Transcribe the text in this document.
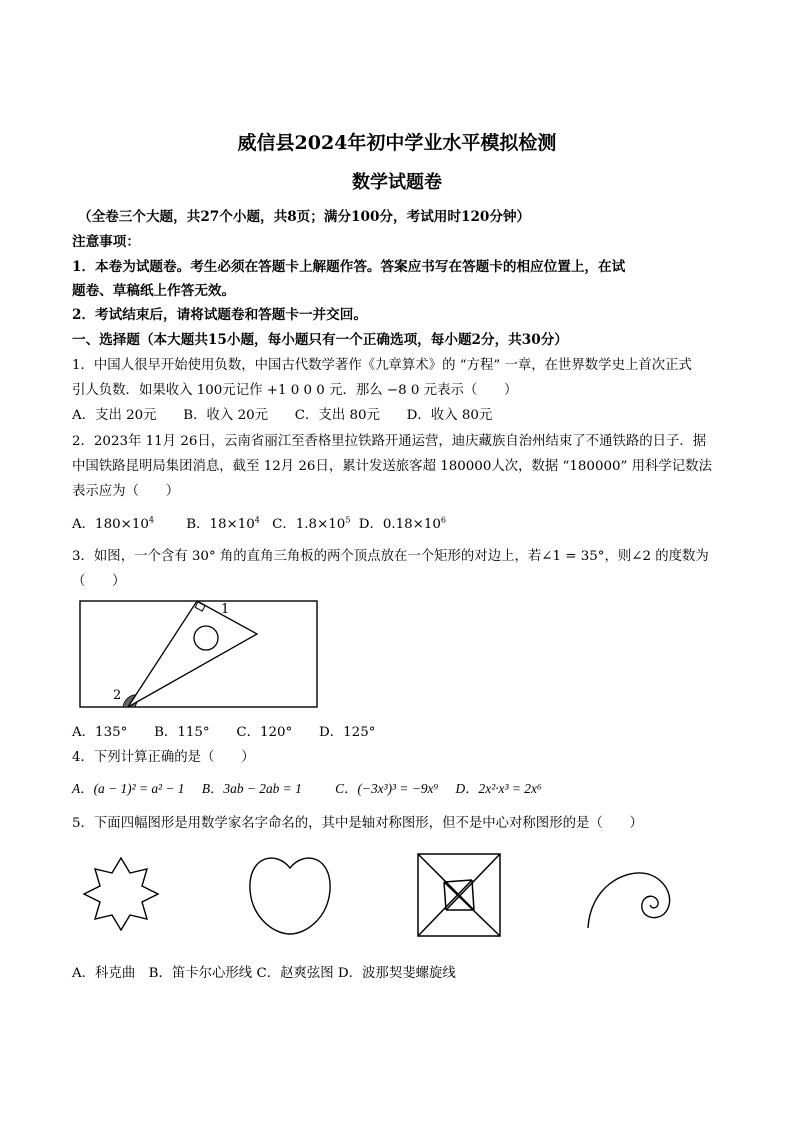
威信县2024年初中学业水平模拟检测
数学试题卷
（全卷三个大题，共27个小题，共8页；满分100分，考试用时120分钟）
注意事项：
1．本卷为试题卷。考生必须在答题卡上解题作答。答案应书写在答题卡的相应位置上，在试
题卷、草稿纸上作答无效。
2．考试结束后，请将试题卷和答题卡一并交回。
一、选择题（本大题共15小题，每小题只有一个正确选项，每小题2分，共30分）
1．中国人很早开始使用负数，中国古代数学著作《九章算术》的 “方程” 一章，在世界数学史上首次正式
引人负数．如果收入 100元记作 +1 0 0 0 元．那么 −8 0 元表示（　　）
A．支出 20元　　B．收入 20元　　C．支出 80元　　D．收入 80元
2．2023年 11月 26日，云南省丽江至香格里拉铁路开通运营，迪庆藏族自治州结束了不通铁路的日子．据
中国铁路昆明局集团消息，截至 12月 26日，累计发送旅客超 180000人次，数据 “180000” 用科学记数法
表示应为（　　）
A．$180\times 10^4$ B．$18\times 10^4$ C．$1.8\times 10^5$ D．$0.18\times 10^6$
3．如图，一个含有 30° 角的直角三角板的两个顶点放在一个矩形的对边上，若∠1 = 35°，则∠2 的度数为
（　　）
1
2
A．135°　　B．115°　　C．120°　　D．125°
4．下列计算正确的是（　　）
A．(a − 1)² = a² − 1 B．3ab − 2ab = 1 C．(−3x³)³ = −9x⁹ D．2x²·x³ = 2x⁶
5．下面四幅图形是用数学家名字命名的，其中是轴对称图形，但不是中心对称图形的是（　　）
A．科克曲　B．笛卡尔心形线 C．赵爽弦图 D．波那契斐螺旋线
